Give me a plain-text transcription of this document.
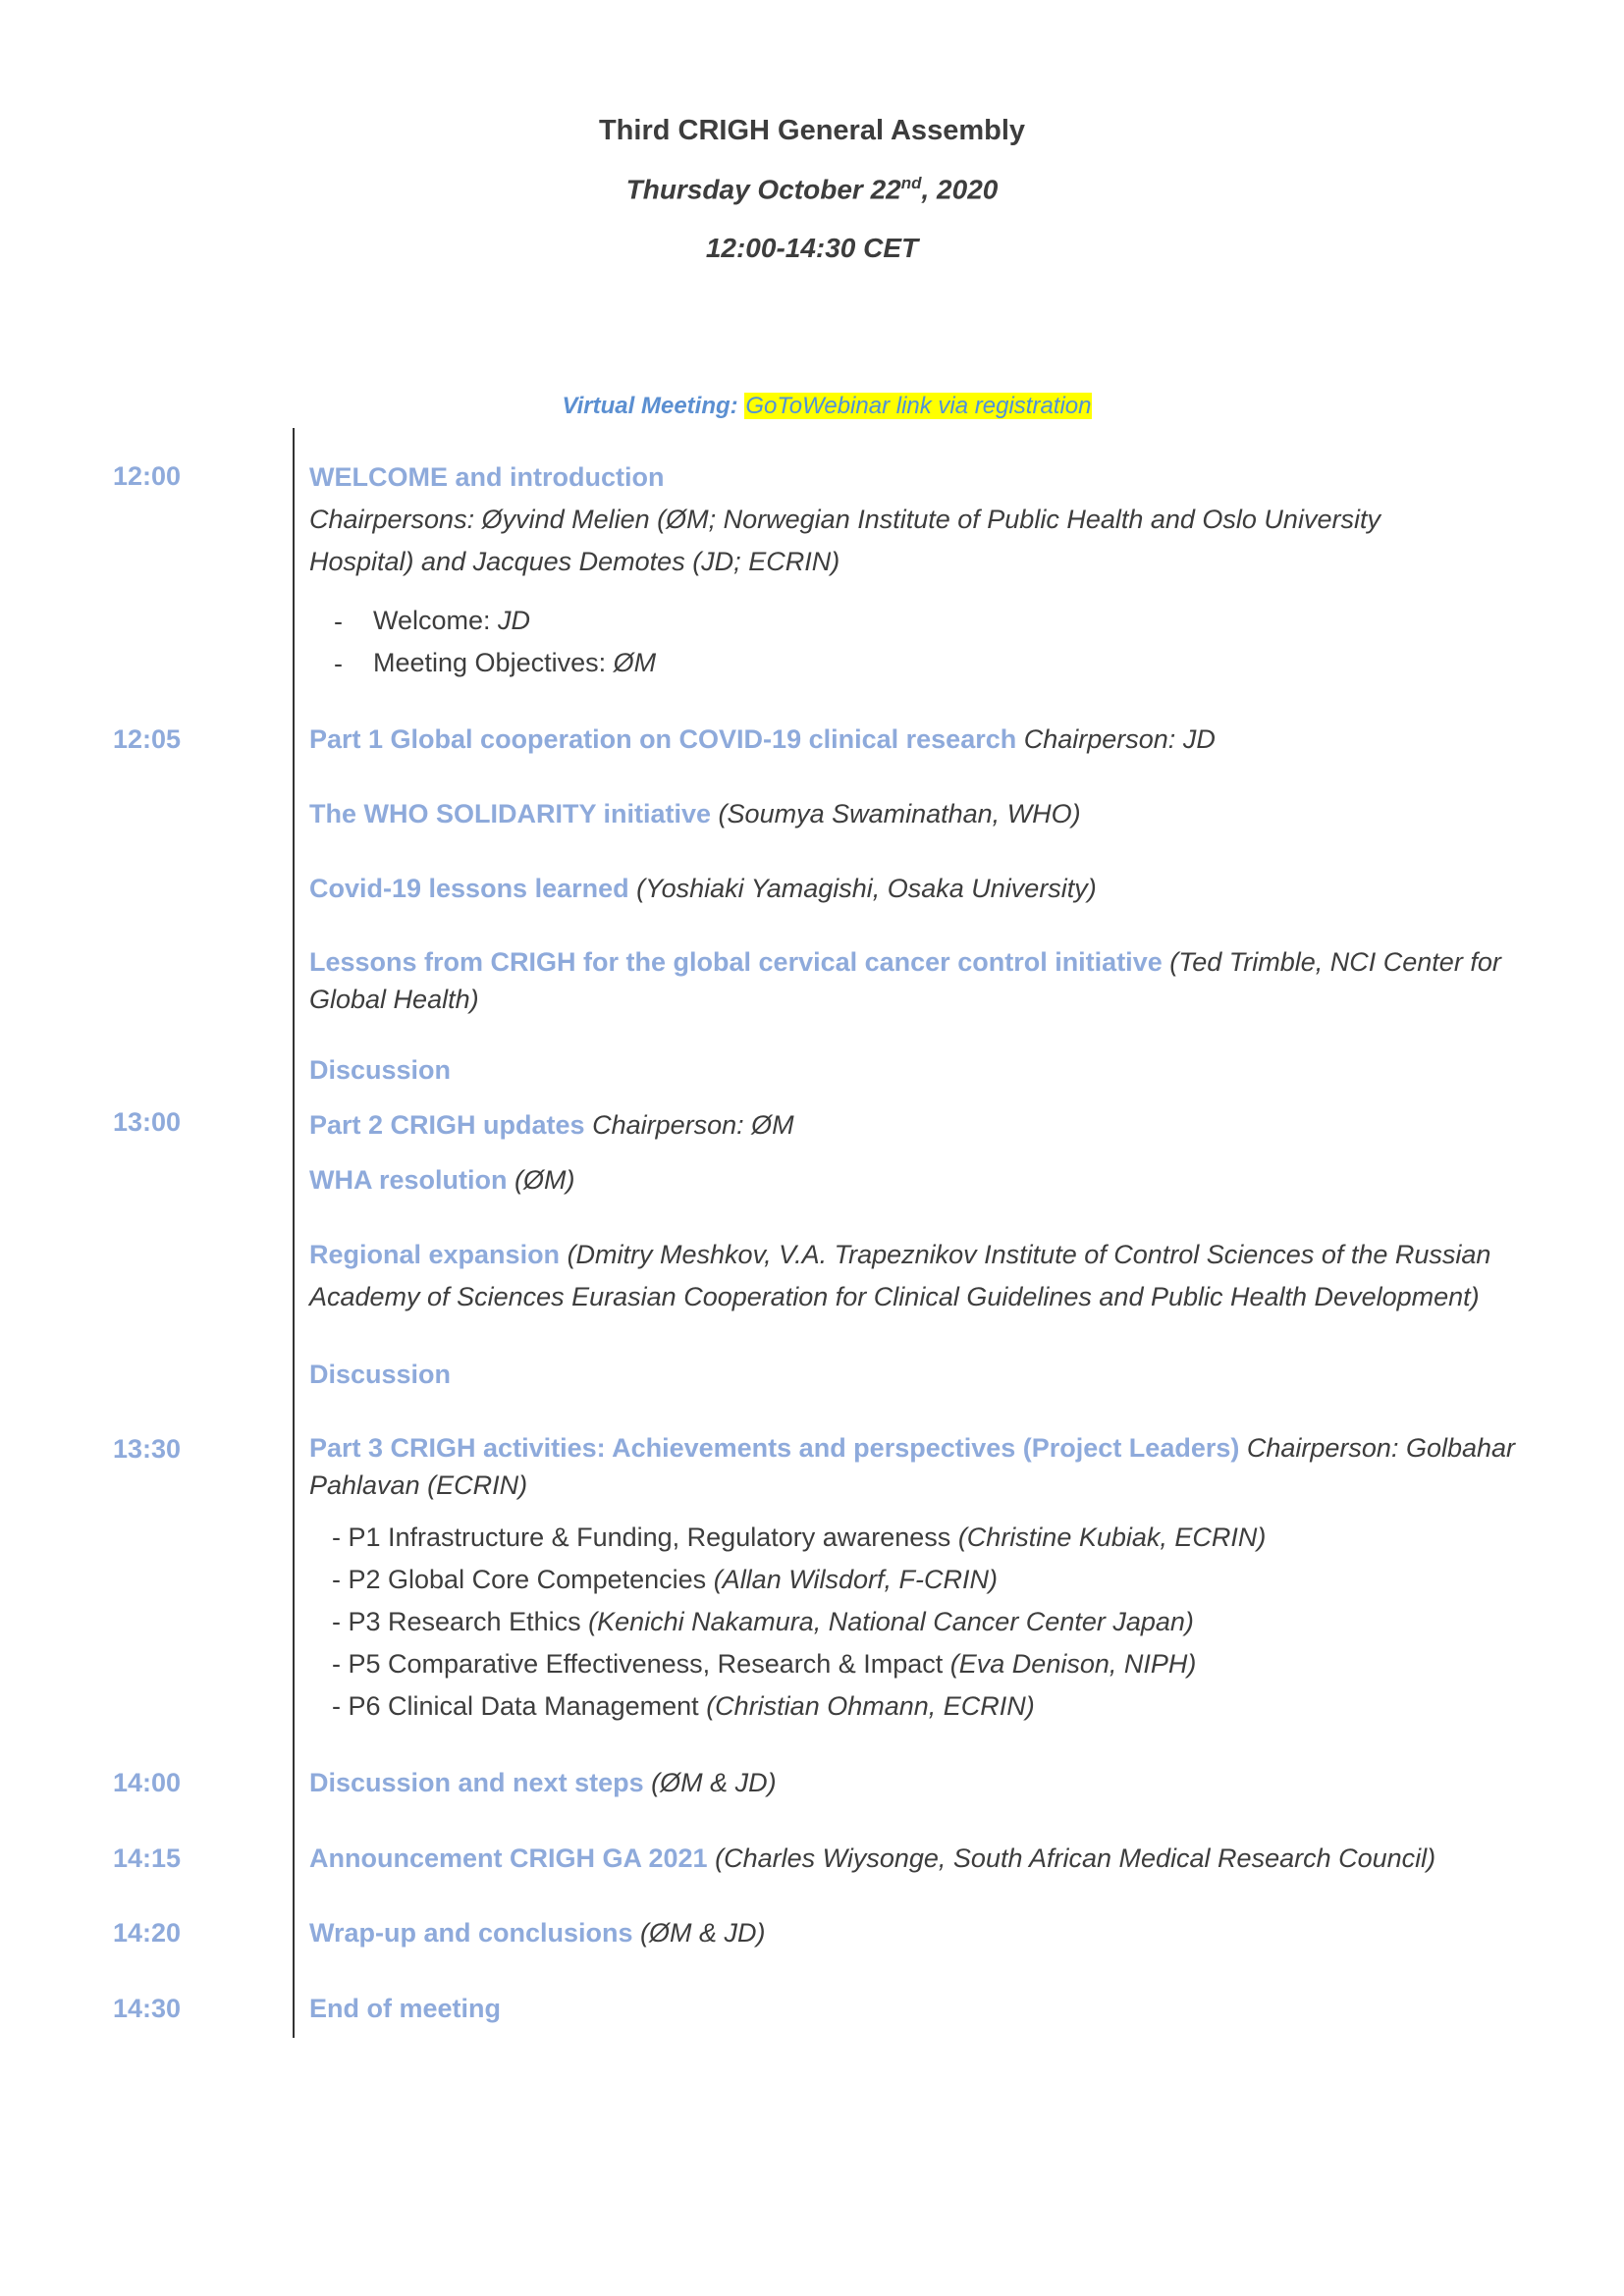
Third CRIGH General Assembly
Thursday October 22nd, 2020
12:00-14:30 CET
Virtual Meeting: GoToWebinar link via registration
12:00	WELCOME and introduction
Chairpersons: Øyvind Melien (ØM; Norwegian Institute of Public Health and Oslo University
Hospital) and Jacques Demotes (JD; ECRIN)
- Welcome: JD
- Meeting Objectives: ØM
12:05	Part 1 Global cooperation on COVID-19 clinical research Chairperson: JD
The WHO SOLIDARITY initiative (Soumya Swaminathan, WHO)
Covid-19 lessons learned (Yoshiaki Yamagishi, Osaka University)
Lessons from CRIGH for the global cervical cancer control initiative (Ted Trimble, NCI Center for
Global Health)
Discussion
13:00	Part 2 CRIGH updates Chairperson: ØM
WHA resolution (ØM)
Regional expansion (Dmitry Meshkov, V.A. Trapeznikov Institute of Control Sciences of the Russian
Academy of Sciences Eurasian Cooperation for Clinical Guidelines and Public Health Development)
Discussion
13:30	Part 3 CRIGH activities: Achievements and perspectives (Project Leaders) Chairperson: Golbahar
Pahlavan (ECRIN)
- P1 Infrastructure & Funding, Regulatory awareness (Christine Kubiak, ECRIN)
- P2 Global Core Competencies (Allan Wilsdorf, F-CRIN)
- P3 Research Ethics (Kenichi Nakamura, National Cancer Center Japan)
- P5 Comparative Effectiveness, Research & Impact (Eva Denison, NIPH)
- P6 Clinical Data Management (Christian Ohmann, ECRIN)
14:00	Discussion and next steps (ØM & JD)
14:15	Announcement CRIGH GA 2021 (Charles Wiysonge, South African Medical Research Council)
14:20	Wrap-up and conclusions (ØM & JD)
14:30	End of meeting
